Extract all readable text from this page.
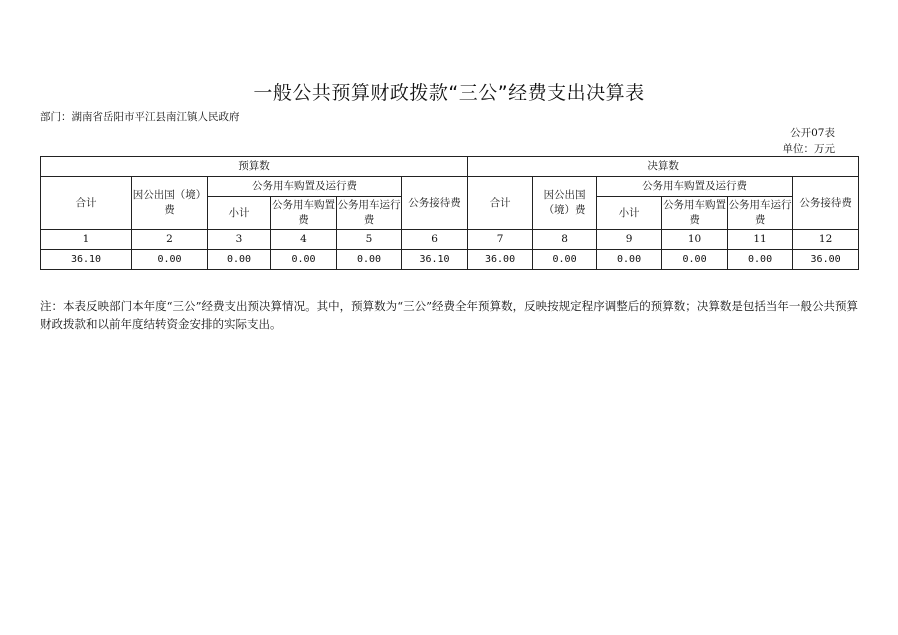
一般公共预算财政拨款“三公”经费支出决算表
部门：湖南省岳阳市平江县南江镇人民政府
公开07表
单位：万元
预算数						决算数					
合计	因公出国（境）费	公务用车购置及运行费			公务接待费	合计	因公出国（境）费	公务用车购置及运行费			公务接待费
		小计	公务用车购置费	公务用车运行费				小计	公务用车购置费	公务用车运行费	
1	2	3	4	5	6	7	8	9	10	11	12
36.10	0.00	0.00	0.00	0.00	36.10	36.00	0.00	0.00	0.00	0.00	36.00
注：本表反映部门本年度“三公”经费支出预决算情况。其中，预算数为“三公”经费全年预算数，反映按规定程序调整后的预算数；决算数是包括当年一般公共预算财政拨款和以前年度结转资金安排的实际支出。
